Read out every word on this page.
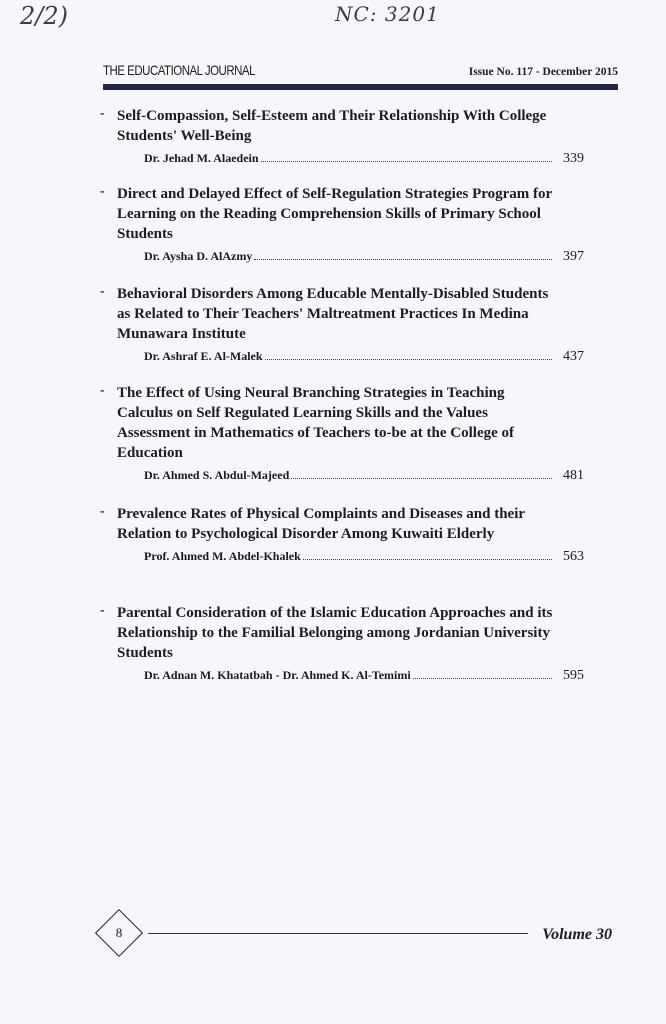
2/2)	NC: 3201
THE EDUCATIONAL JOURNAL	Issue No. 117 - December 2015
- Self-Compassion, Self-Esteem and Their Relationship With College Students' Well-Being
Dr. Jehad M. Alaedein	339
- Direct and Delayed Effect of Self-Regulation Strategies Program for Learning on the Reading Comprehension Skills of Primary School Students
Dr. Aysha D. AlAzmy	397
- Behavioral Disorders Among Educable Mentally-Disabled Students as Related to Their Teachers' Maltreatment Practices In Medina Munawara Institute
Dr. Ashraf E. Al-Malek	437
- The Effect of Using Neural Branching Strategies in Teaching Calculus on Self Regulated Learning Skills and the Values Assessment in Mathematics of Teachers to-be at the College of Education
Dr. Ahmed S. Abdul-Majeed	481
- Prevalence Rates of Physical Complaints and Diseases and their Relation to Psychological Disorder Among Kuwaiti Elderly
Prof. Ahmed M. Abdel-Khalek	563
- Parental Consideration of the Islamic Education Approaches and its Relationship to the Familial Belonging among Jordanian University Students
Dr. Adnan M. Khatatbah - Dr. Ahmed K. Al-Temimi	595
8	Volume 30
